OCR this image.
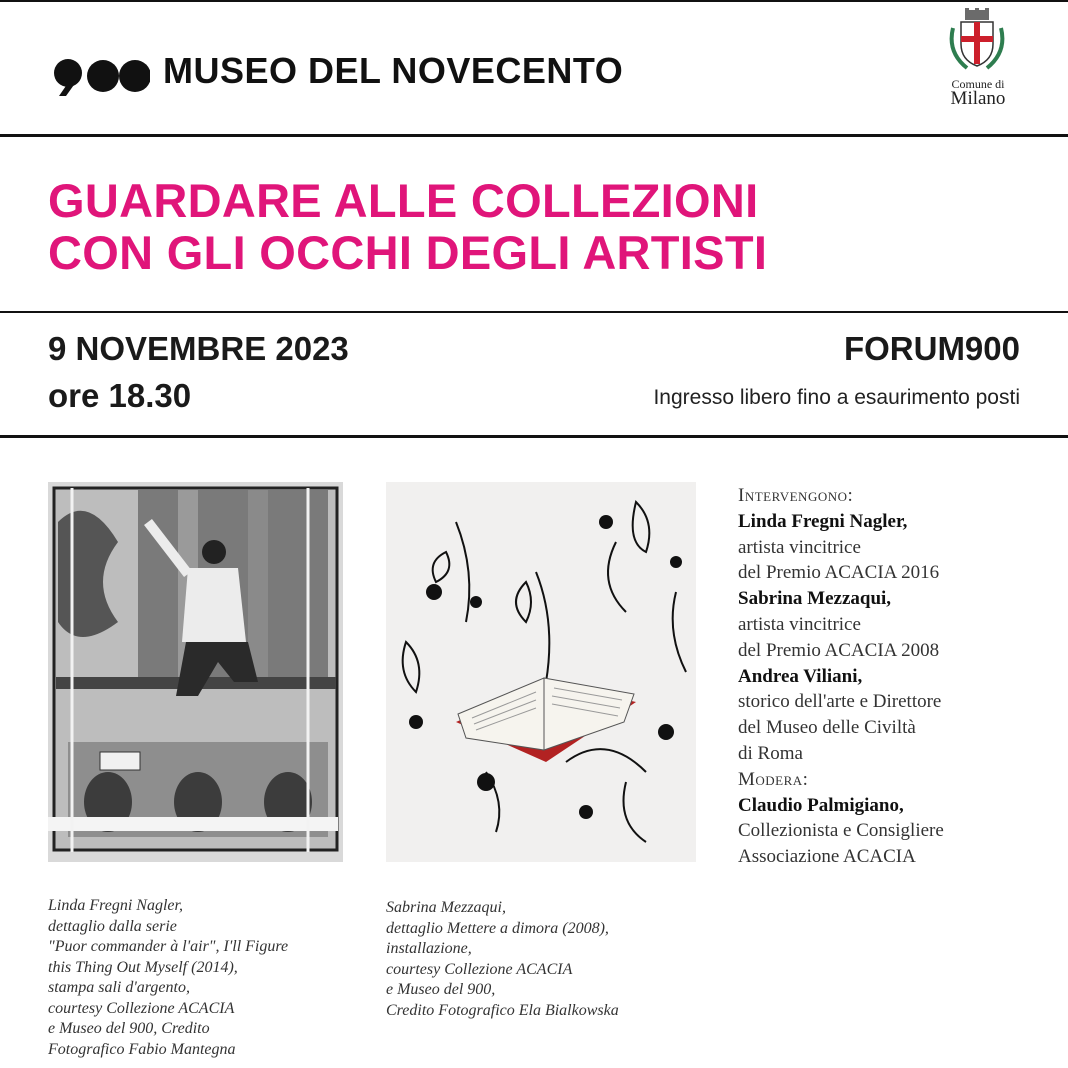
MUSEO DEL NOVECENTO	Comune di
Milano
GUARDARE ALLE COLLEZIONI
CON GLI OCCHI DEGLI ARTISTI
9 NOVEMBRE 2023
ore 18.30
FORUM900
Ingresso libero fino a esaurimento posti
Linda Fregni Nagler,
dettaglio dalla serie
"Puor commander à l'air", I'll Figure
this Thing Out Myself (2014),
stampa sali d'argento,
courtesy Collezione ACACIA
e Museo del 900, Credito
Fotografico Fabio Mantegna
Sabrina Mezzaqui,
dettaglio Mettere a dimora (2008),
installazione,
courtesy Collezione ACACIA
e Museo del 900,
Credito Fotografico Ela Bialkowska
Intervengono:
Linda Fregni Nagler,
artista vincitrice
del Premio ACACIA 2016
Sabrina Mezzaqui,
artista vincitrice
del Premio ACACIA 2008
Andrea Viliani,
storico dell'arte e Direttore
del Museo delle Civiltà
di Roma
Modera:
Claudio Palmigiano,
Collezionista e Consigliere
Associazione ACACIA
